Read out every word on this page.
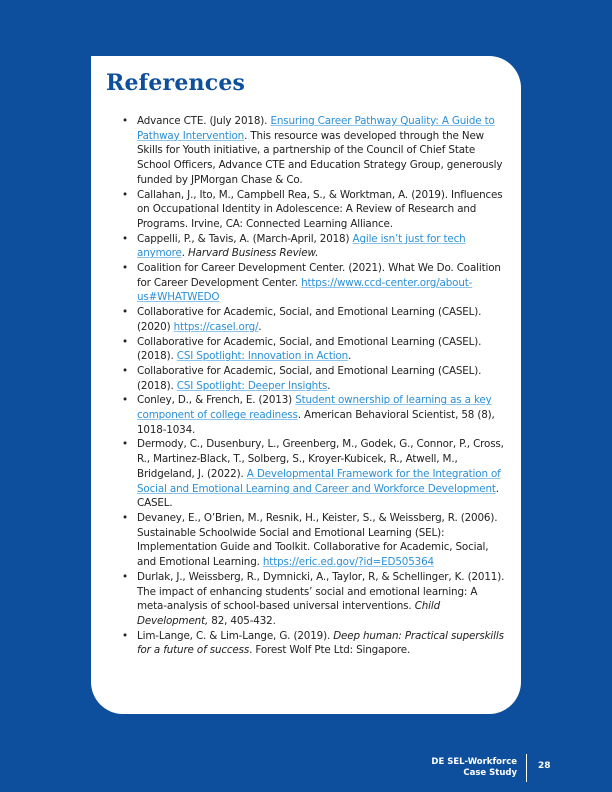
References
• Advance CTE. (July 2018). Ensuring Career Pathway Quality: A Guide to Pathway Intervention. This resource was developed through the New Skills for Youth initiative, a partnership of the Council of Chief State School Officers, Advance CTE and Education Strategy Group, generously funded by JPMorgan Chase & Co.
• Callahan, J., Ito, M., Campbell Rea, S., & Worktman, A. (2019). Influences on Occupational Identity in Adolescence: A Review of Research and Programs. Irvine, CA: Connected Learning Alliance.
• Cappelli, P., & Tavis, A. (March-April, 2018) Agile isn’t just for tech anymore. Harvard Business Review.
• Coalition for Career Development Center. (2021). What We Do. Coalition for Career Development Center. https://www.ccd-center.org/about-us#WHATWEDO
• Collaborative for Academic, Social, and Emotional Learning (CASEL). (2020) https://casel.org/.
• Collaborative for Academic, Social, and Emotional Learning (CASEL). (2018). CSI Spotlight: Innovation in Action.
• Collaborative for Academic, Social, and Emotional Learning (CASEL). (2018). CSI Spotlight: Deeper Insights.
• Conley, D., & French, E. (2013) Student ownership of learning as a key component of college readiness. American Behavioral Scientist, 58 (8), 1018-1034.
• Dermody, C., Dusenbury, L., Greenberg, M., Godek, G., Connor, P., Cross, R., Martinez-Black, T., Solberg, S., Kroyer-Kubicek, R., Atwell, M., Bridgeland, J. (2022). A Developmental Framework for the Integration of Social and Emotional Learning and Career and Workforce Development. CASEL.
• Devaney, E., O’Brien, M., Resnik, H., Keister, S., & Weissberg, R. (2006). Sustainable Schoolwide Social and Emotional Learning (SEL): Implementation Guide and Toolkit. Collaborative for Academic, Social, and Emotional Learning. https://eric.ed.gov/?id=ED505364
• Durlak, J., Weissberg, R., Dymnicki, A., Taylor, R, & Schellinger, K. (2011). The impact of enhancing students’ social and emotional learning: A meta-analysis of school-based universal interventions. Child Development, 82, 405-432.
• Lim-Lange, C. & Lim-Lange, G. (2019). Deep human: Practical superskills for a future of success. Forest Wolf Pte Ltd: Singapore.
DE SEL-Workforce
Case Study
28
